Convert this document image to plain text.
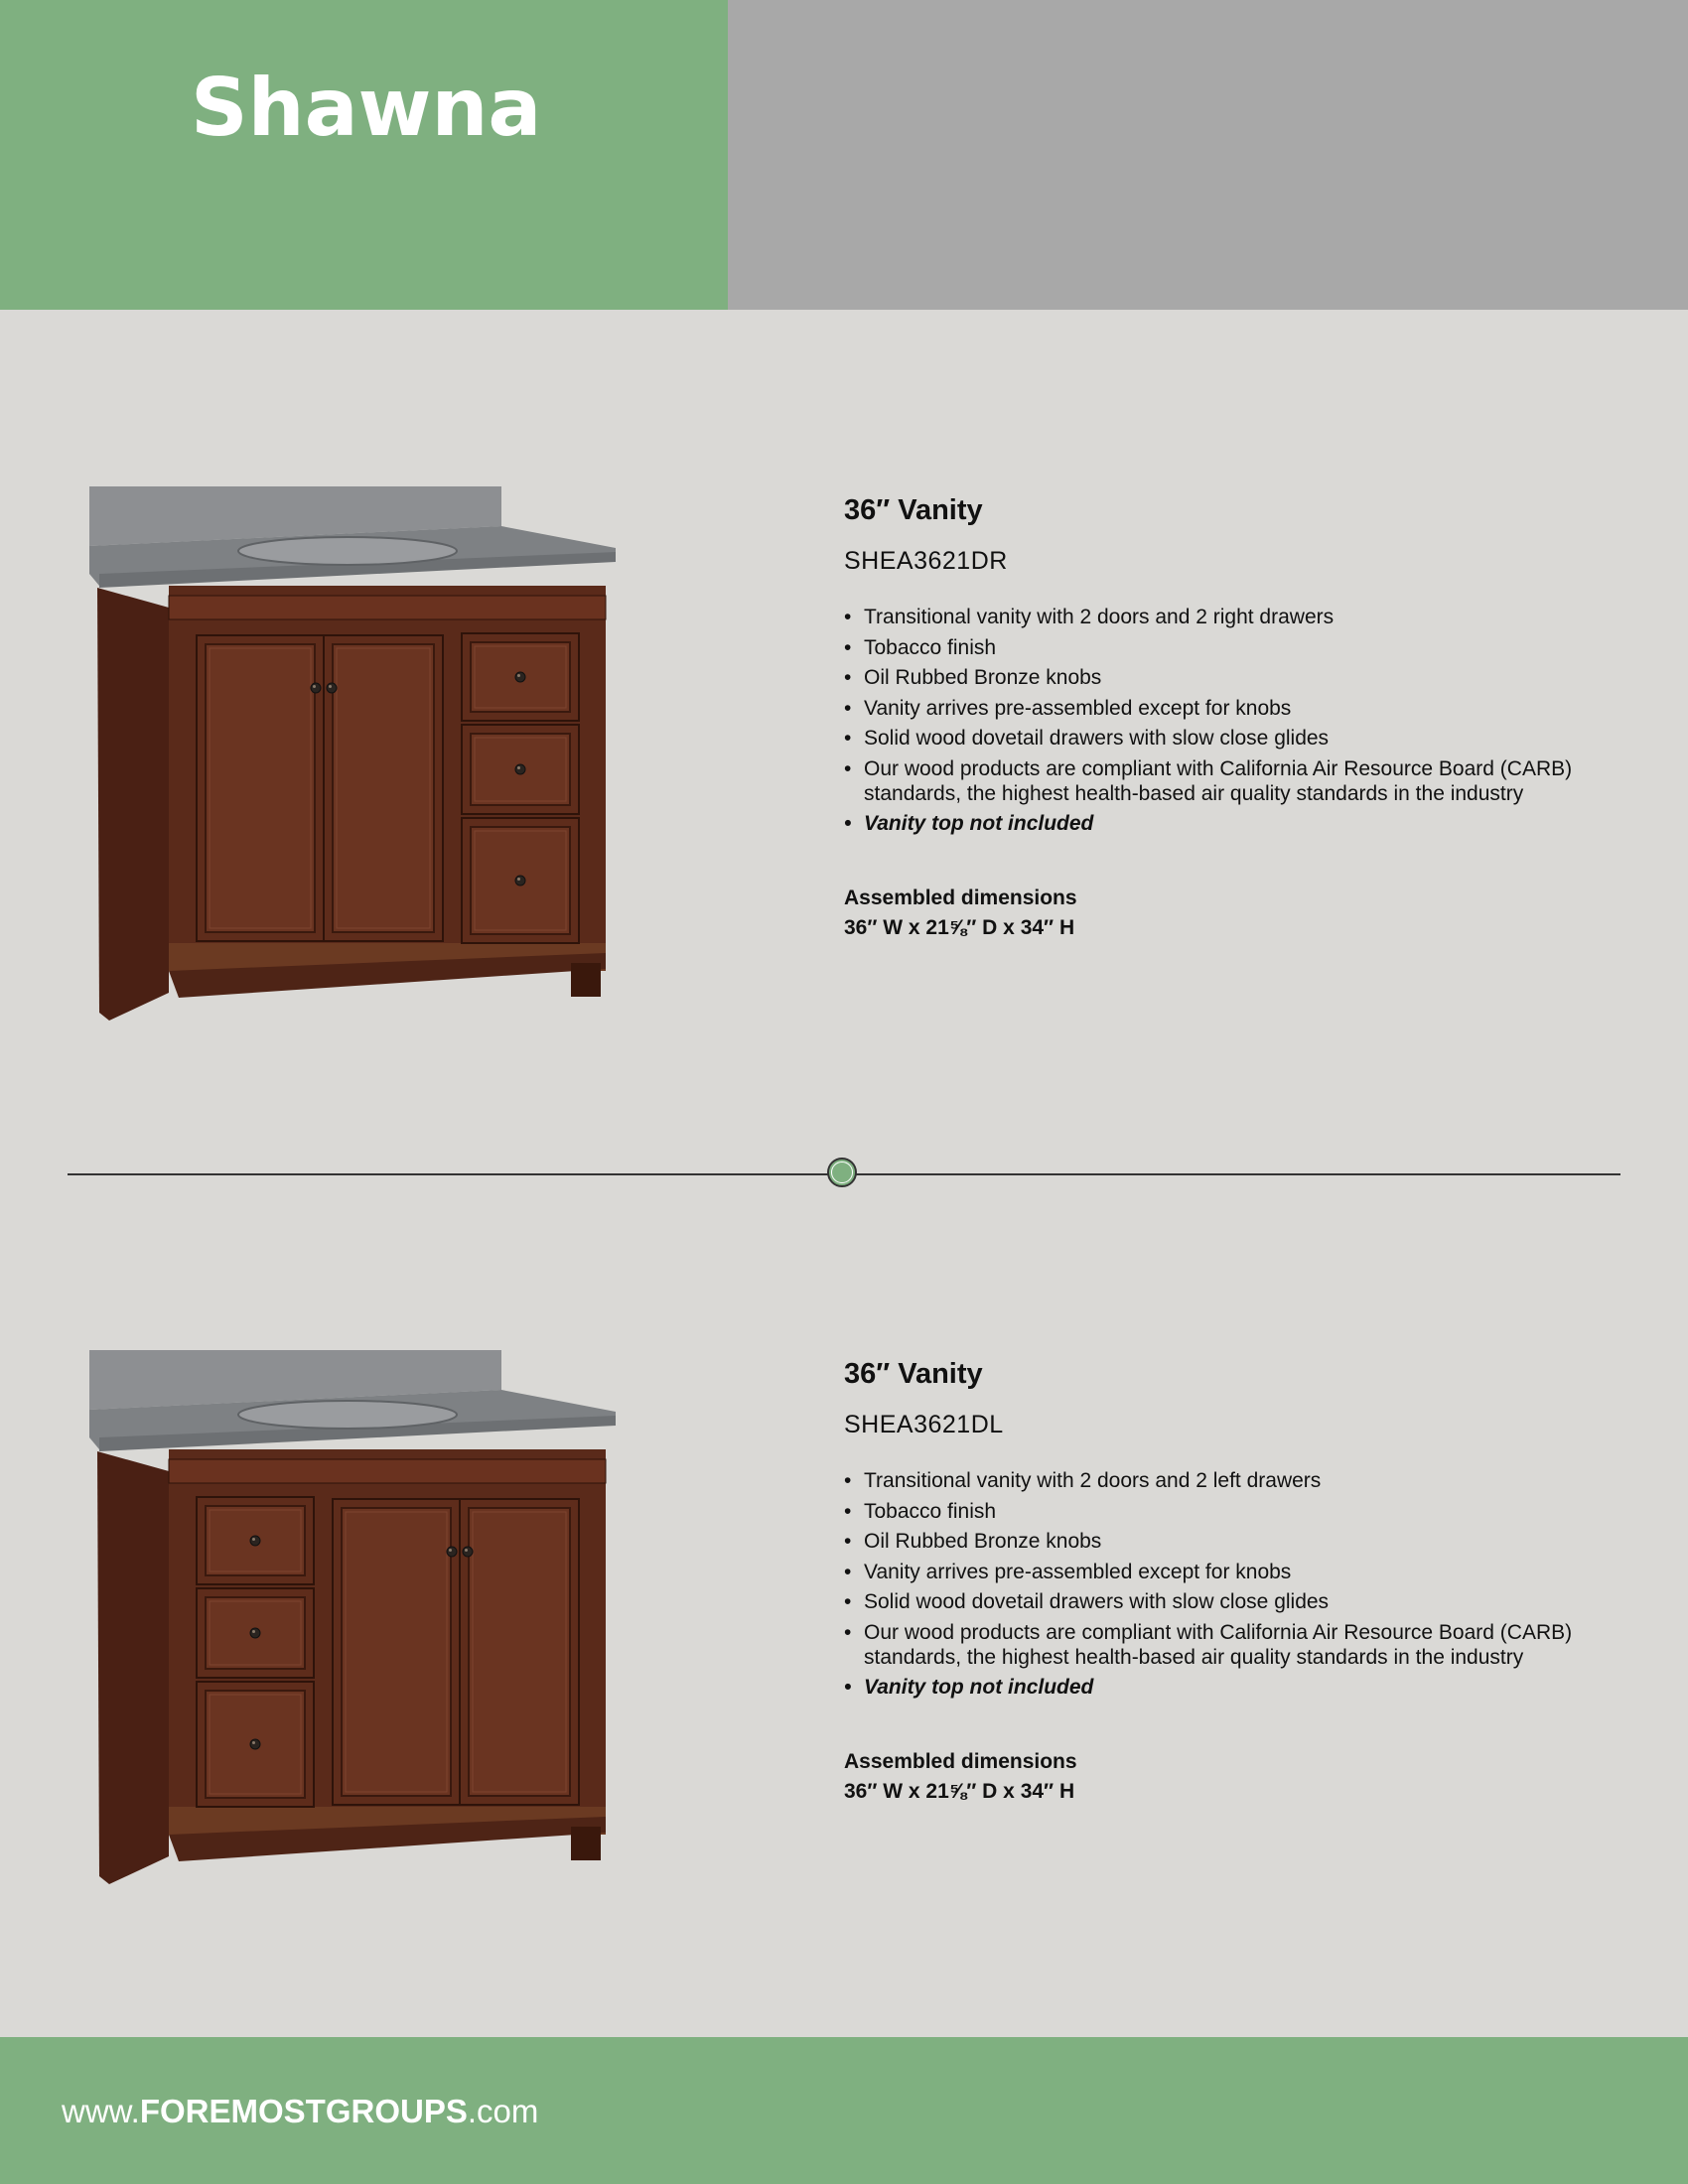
Shawna
36″ Vanity
SHEA3621DR
• Transitional vanity with 2 doors and 2 right drawers
• Tobacco finish
• Oil Rubbed Bronze knobs
• Vanity arrives pre-assembled except for knobs
• Solid wood dovetail drawers with slow close glides
• Our wood products are compliant with California Air Resource Board (CARB) standards, the highest health-based air quality standards in the industry
• Vanity top not included
Assembled dimensions
36″ W x 21⅝″ D x 34″ H
36″ Vanity
SHEA3621DL
• Transitional vanity with 2 doors and 2 left drawers
• Tobacco finish
• Oil Rubbed Bronze knobs
• Vanity arrives pre-assembled except for knobs
• Solid wood dovetail drawers with slow close glides
• Our wood products are compliant with California Air Resource Board (CARB) standards, the highest health-based air quality standards in the industry
• Vanity top not included
Assembled dimensions
36″ W x 21⅝″ D x 34″ H
www.FOREMOSTGROUPS.com
